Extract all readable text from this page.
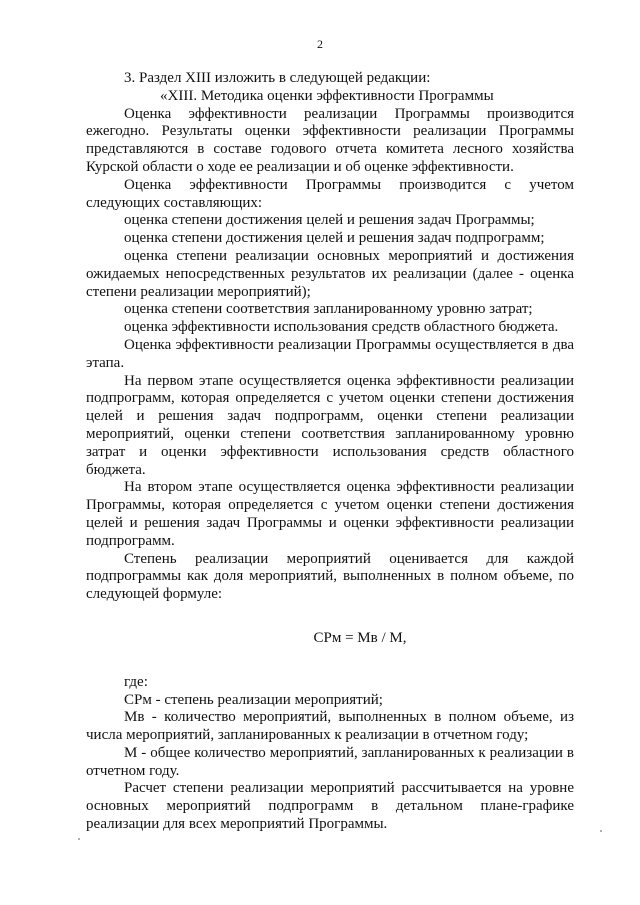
2

3. Раздел XIII изложить в следующей редакции:

«XIII. Методика оценки эффективности Программы

Оценка эффективности реализации Программы производится ежегодно. Результаты оценки эффективности реализации Программы представляются в составе годового отчета комитета лесного хозяйства Курской области о ходе ее реализации и об оценке эффективности.

Оценка эффективности Программы производится с учетом следующих составляющих:

оценка степени достижения целей и решения задач Программы;

оценка степени достижения целей и решения задач подпрограмм;

оценка степени реализации основных мероприятий и достижения ожидаемых непосредственных результатов их реализации (далее - оценка степени реализации мероприятий);

оценка степени соответствия запланированному уровню затрат;

оценка эффективности использования средств областного бюджета.

Оценка эффективности реализации Программы осуществляется в два этапа.

На первом этапе осуществляется оценка эффективности реализации подпрограмм, которая определяется с учетом оценки степени достижения целей и решения задач подпрограмм, оценки степени реализации мероприятий, оценки степени соответствия запланированному уровню затрат и оценки эффективности использования средств областного бюджета.

На втором этапе осуществляется оценка эффективности реализации Программы, которая определяется с учетом оценки степени достижения целей и решения задач Программы и оценки эффективности реализации подпрограмм.

Степень реализации мероприятий оценивается для каждой подпрограммы как доля мероприятий, выполненных в полном объеме, по следующей формуле:

СРм = Мв / М,

где:

СРм - степень реализации мероприятий;

Мв - количество мероприятий, выполненных в полном объеме, из числа мероприятий, запланированных к реализации в отчетном году;

М - общее количество мероприятий, запланированных к реализации в отчетном году.

Расчет степени реализации мероприятий рассчитывается на уровне основных мероприятий подпрограмм в детальном плане-графике реализации для всех мероприятий Программы.
